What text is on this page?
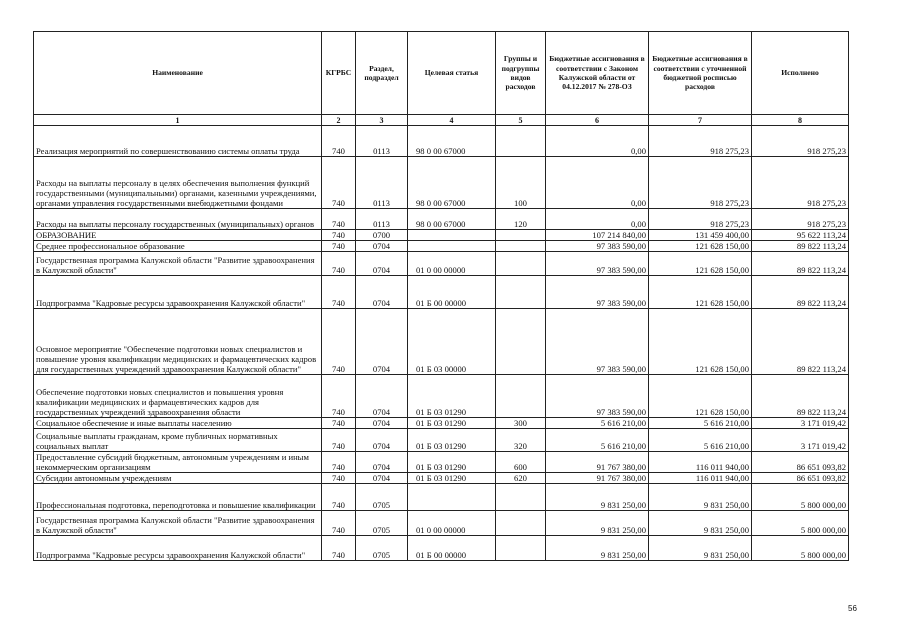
Наименование	КГРБС	Раздел, подраздел	Целевая статья	Группы и подгруппы видов расходов	Бюджетные ассигнования в соответствии с Законом Калужской области от 04.12.2017 № 278-ОЗ	Бюджетные ассигнования в соответствии с уточненной бюджетной росписью расходов	Исполнено
1	2	3	4	5	6	7	8
Реализация мероприятий по совершенствованию системы оплаты труда	740	0113	98 0 00 67000		0,00	918 275,23	918 275,23
Расходы на выплаты персоналу в целях обеспечения выполнения функций государственными (муниципальными) органами, казенными учреждениями, органами управления государственными внебюджетными фондами	740	0113	98 0 00 67000	100	0,00	918 275,23	918 275,23
Расходы на выплаты персоналу государственных (муниципальных) органов	740	0113	98 0 00 67000	120	0,00	918 275,23	918 275,23
ОБРАЗОВАНИЕ	740	0700			107 214 840,00	131 459 400,00	95 622 113,24
Среднее профессиональное образование	740	0704			97 383 590,00	121 628 150,00	89 822 113,24
Государственная программа Калужской области "Развитие здравоохранения в Калужской области"	740	0704	01 0 00 00000		97 383 590,00	121 628 150,00	89 822 113,24
Подпрограмма "Кадровые ресурсы здравоохранения Калужской области"	740	0704	01 Б 00 00000		97 383 590,00	121 628 150,00	89 822 113,24
Основное мероприятие "Обеспечение подготовки новых специалистов и повышение уровня квалификации медицинских и фармацевтических кадров для государственных учреждений здравоохранения Калужской области"	740	0704	01 Б 03 00000		97 383 590,00	121 628 150,00	89 822 113,24
Обеспечение подготовки новых специалистов и повышения уровня квалификации медицинских и фармацевтических кадров для государственных учреждений здравоохранения области	740	0704	01 Б 03 01290		97 383 590,00	121 628 150,00	89 822 113,24
Социальное обеспечение и иные выплаты населению	740	0704	01 Б 03 01290	300	5 616 210,00	5 616 210,00	3 171 019,42
Социальные выплаты гражданам, кроме публичных нормативных социальных выплат	740	0704	01 Б 03 01290	320	5 616 210,00	5 616 210,00	3 171 019,42
Предоставление субсидий бюджетным, автономным учреждениям и иным некоммерческим организациям	740	0704	01 Б 03 01290	600	91 767 380,00	116 011 940,00	86 651 093,82
Субсидии автономным учреждениям	740	0704	01 Б 03 01290	620	91 767 380,00	116 011 940,00	86 651 093,82
Профессиональная подготовка, переподготовка и повышение квалификации	740	0705			9 831 250,00	9 831 250,00	5 800 000,00
Государственная программа Калужской области "Развитие здравоохранения в Калужской области"	740	0705	01 0 00 00000		9 831 250,00	9 831 250,00	5 800 000,00
Подпрограмма "Кадровые ресурсы здравоохранения Калужской области"	740	0705	01 Б 00 00000		9 831 250,00	9 831 250,00	5 800 000,00
56
